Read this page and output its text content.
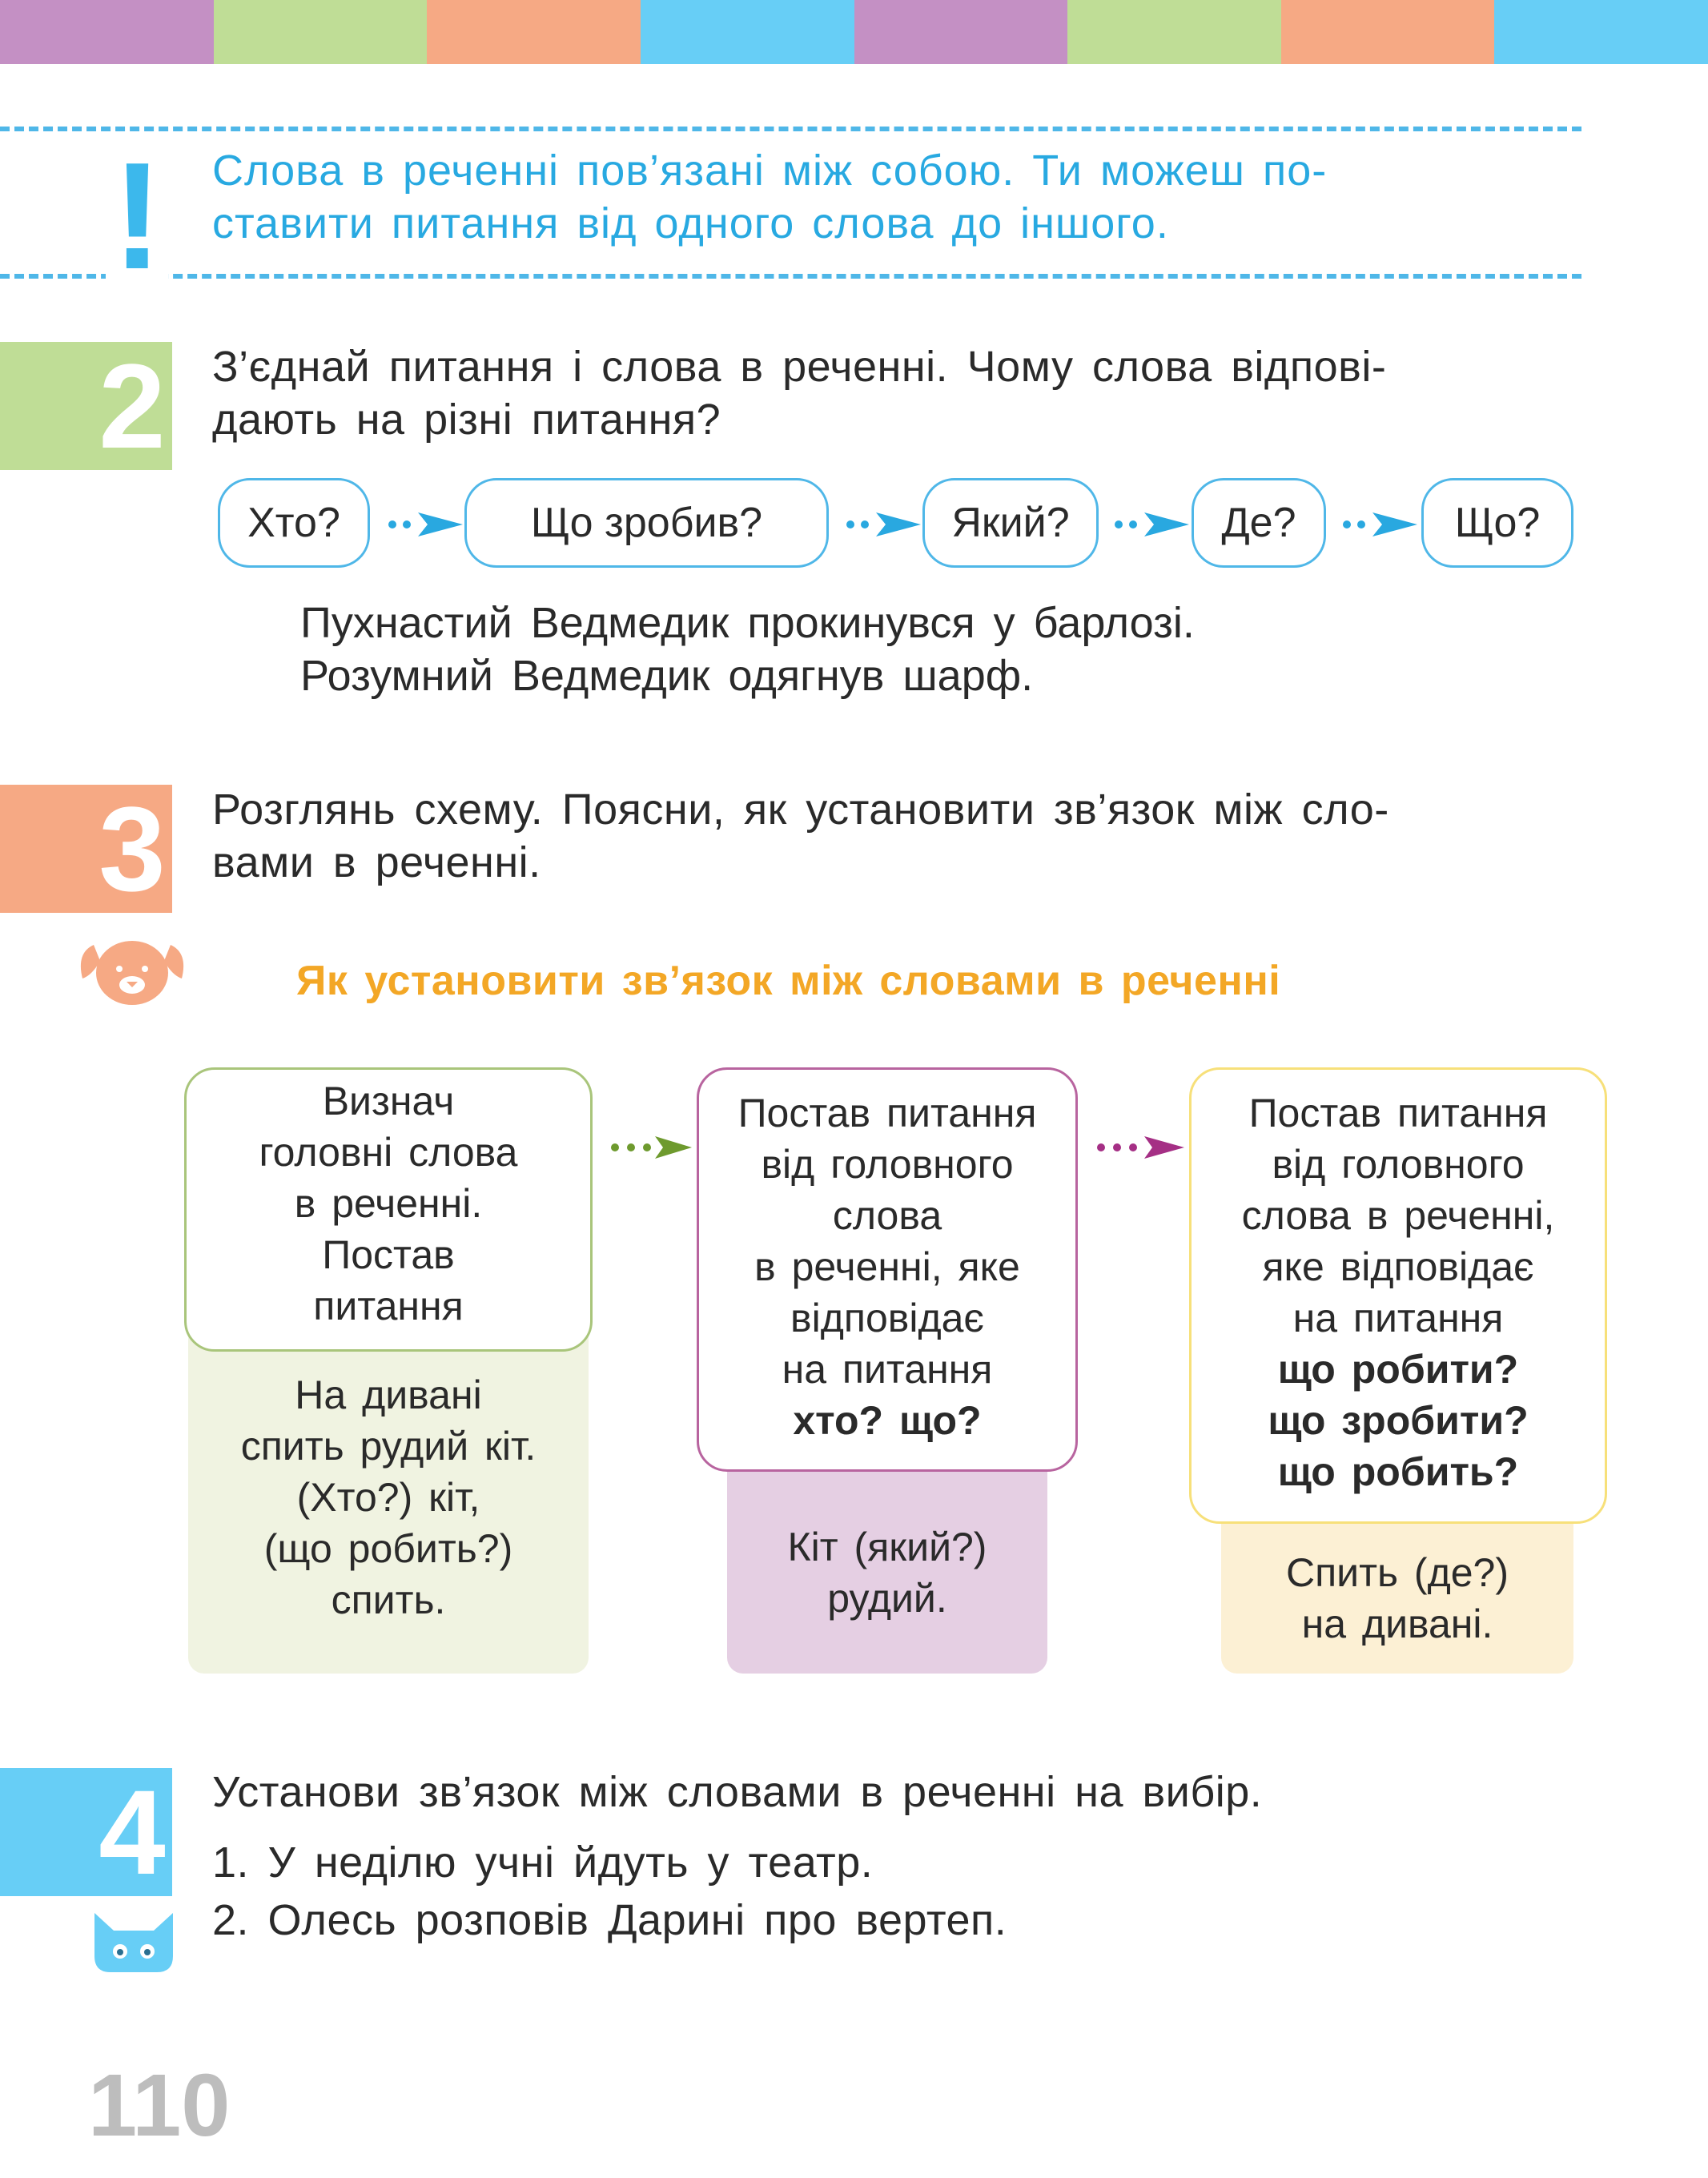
! Слова в реченні пов’язані між собою. Ти можеш по-
ставити питання від одного слова до іншого.
2 З’єднай питання і слова в реченні. Чому слова відпові-
дають на різні питання?
Хто?	Що зробив?	Який?	Де?	Що?
Пухнастий Ведмедик прокинувся у барлозі.
Розумний Ведмедик одягнув шарф.
3 Розглянь схему. Поясни, як установити зв’язок між сло-
вами в реченні.
Як установити зв’язок між словами в реченні
Визнач
головні слова
в реченні.
Постав
питання
На дивані
спить рудий кіт.
(Хто?) кіт,
(що робить?)
спить.
Постав питання
від головного
слова
в реченні, яке
відповідає
на питання
хто? що?
Кіт (який?)
рудий.
Постав питання
від головного
слова в реченні,
яке відповідає
на питання
що робити?
що зробити?
що робить?
Спить (де?)
на дивані.
4 Установи зв’язок між словами в реченні на вибір.
1. У неділю учні йдуть у театр.
2. Олесь розповів Дарині про вертеп.
110
